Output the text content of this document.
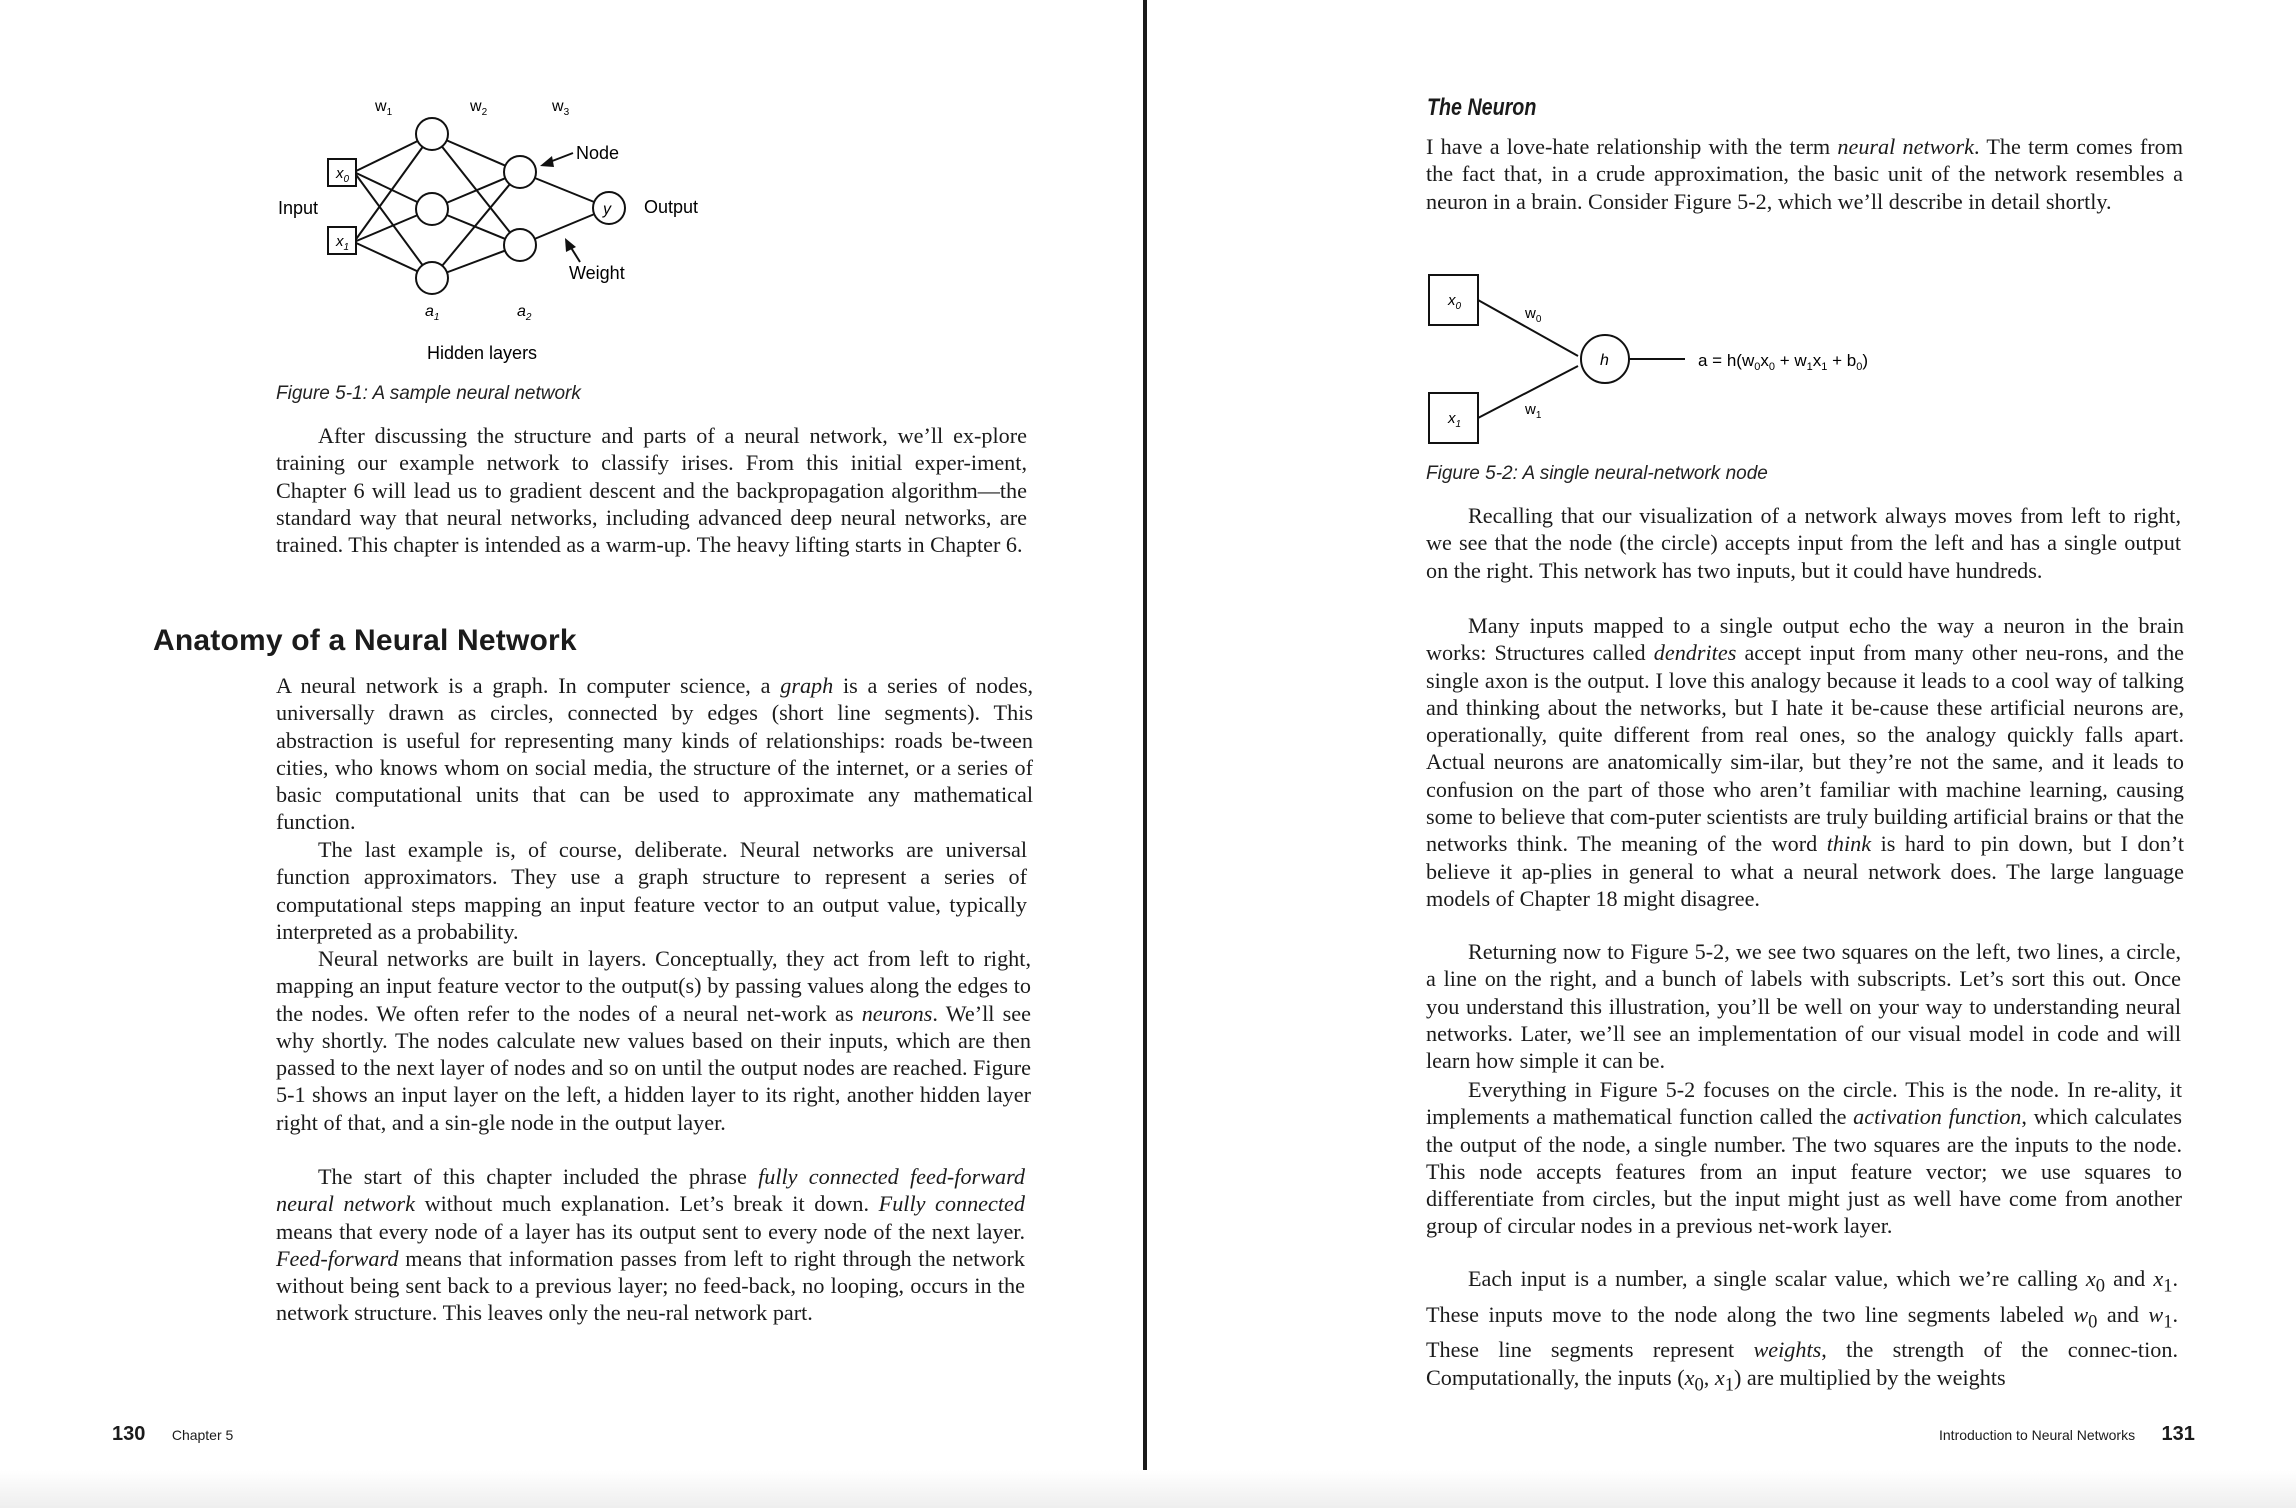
$x_0$
$x_1$
y
$w_1$	$w_2$	$w_3$
$a_1$	$a_2$
Input	Output
Node
Weight
Hidden layers

Figure 5-1: A sample neural network

After discussing the structure and parts of a neural network, we’ll ex-plore training our example network to classify irises. From this initial exper-iment, Chapter 6 will lead us to gradient descent and the backpropagation algorithm—the standard way that neural networks, including advanced deep neural networks, are trained. This chapter is intended as a warm-up. The heavy lifting starts in Chapter 6.

Anatomy of a Neural Network

A neural network is a graph. In computer science, a graph is a series of nodes, universally drawn as circles, connected by edges (short line segments). This abstraction is useful for representing many kinds of relationships: roads be-tween cities, who knows whom on social media, the structure of the internet, or a series of basic computational units that can be used to approximate any mathematical function.

The last example is, of course, deliberate. Neural networks are universal function approximators. They use a graph structure to represent a series of computational steps mapping an input feature vector to an output value, typically interpreted as a probability.

Neural networks are built in layers. Conceptually, they act from left to right, mapping an input feature vector to the output(s) by passing values along the edges to the nodes. We often refer to the nodes of a neural net-work as neurons. We’ll see why shortly. The nodes calculate new values based on their inputs, which are then passed to the next layer of nodes and so on until the output nodes are reached. Figure 5-1 shows an input layer on the left, a hidden layer to its right, another hidden layer right of that, and a sin-gle node in the output layer.

The start of this chapter included the phrase fully connected feed-forward neural network without much explanation. Let’s break it down. Fully connected means that every node of a layer has its output sent to every node of the next layer. Feed-forward means that information passes from left to right through the network without being sent back to a previous layer; no feed-back, no looping, occurs in the network structure. This leaves only the neu-ral network part.

130 Chapter 5
The Neuron

I have a love-hate relationship with the term neural network. The term comes from the fact that, in a crude approximation, the basic unit of the network resembles a neuron in a brain. Consider Figure 5-2, which we’ll describe in detail shortly.

$x_0$
$x_1$
$w_0$
$w_1$
h	$a = h(w_0x_0 + w_1x_1 + b_0)$

Figure 5-2: A single neural-network node

Recalling that our visualization of a network always moves from left to right, we see that the node (the circle) accepts input from the left and has a single output on the right. This network has two inputs, but it could have hundreds.

Many inputs mapped to a single output echo the way a neuron in the brain works: Structures called dendrites accept input from many other neu-rons, and the single axon is the output. I love this analogy because it leads to a cool way of talking and thinking about the networks, but I hate it be-cause these artificial neurons are, operationally, quite different from real ones, so the analogy quickly falls apart. Actual neurons are anatomically sim-ilar, but they’re not the same, and it leads to confusion on the part of those who aren’t familiar with machine learning, causing some to believe that com-puter scientists are truly building artificial brains or that the networks think. The meaning of the word think is hard to pin down, but I don’t believe it ap-plies in general to what a neural network does. The large language models of Chapter 18 might disagree.

Returning now to Figure 5-2, we see two squares on the left, two lines, a circle, a line on the right, and a bunch of labels with subscripts. Let’s sort this out. Once you understand this illustration, you’ll be well on your way to understanding neural networks. Later, we’ll see an implementation of our visual model in code and will learn how simple it can be.

Everything in Figure 5-2 focuses on the circle. This is the node. In re-ality, it implements a mathematical function called the activation function, which calculates the output of the node, a single number. The two squares are the inputs to the node. This node accepts features from an input feature vector; we use squares to differentiate from circles, but the input might just as well have come from another group of circular nodes in a previous net-work layer.

Each input is a number, a single scalar value, which we’re calling $x_0$ and $x_1$. These inputs move to the node along the two line segments labeled $w_0$ and $w_1$. These line segments represent weights, the strength of the connec-tion. Computationally, the inputs ($x_0$, $x_1$) are multiplied by the weights

Introduction to Neural Networks 131
